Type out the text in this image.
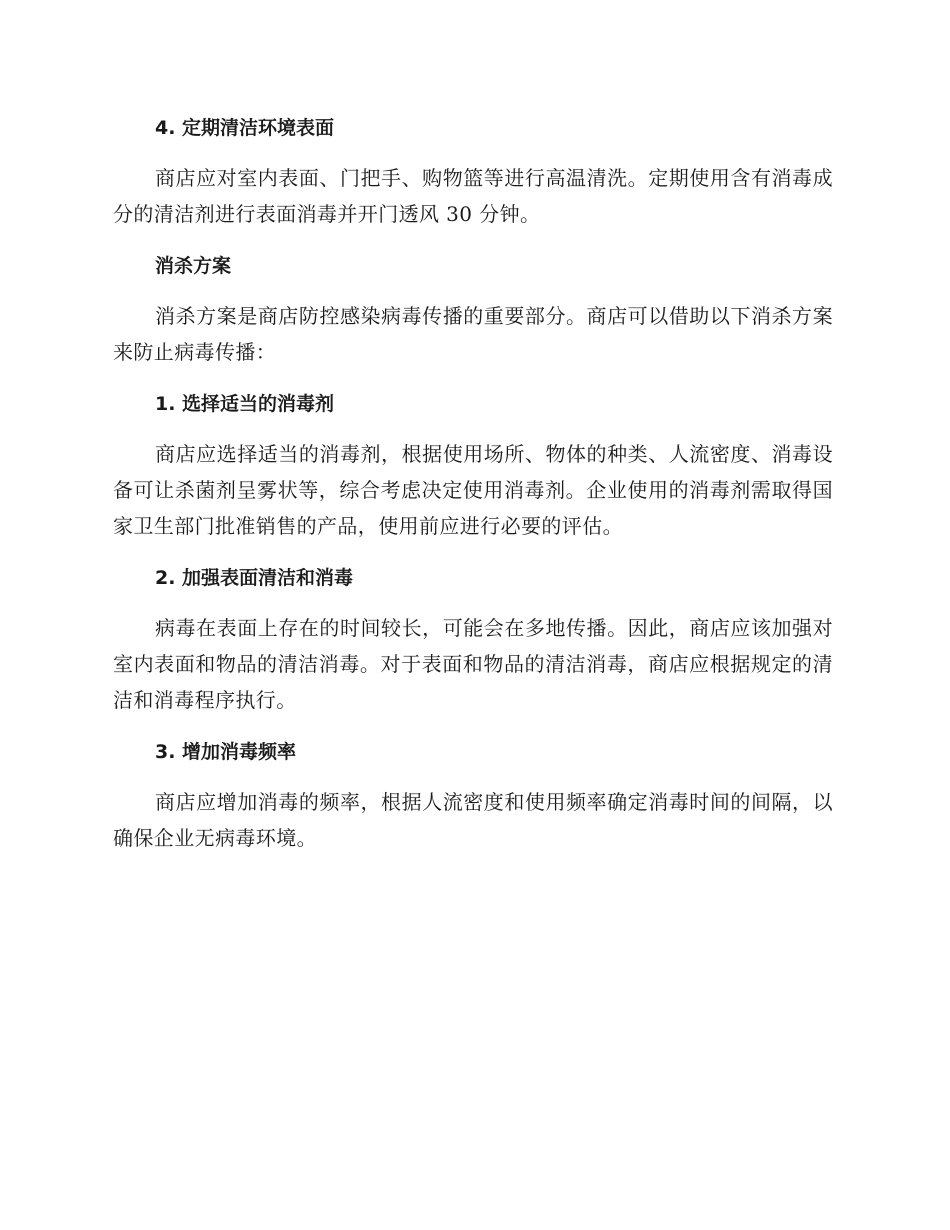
4. 定期清洁环境表面

商店应对室内表面、门把手、购物篮等进行高温清洗。定期使用含有消毒成分的清洁剂进行表面消毒并开门透风 30 分钟。

消杀方案

消杀方案是商店防控感染病毒传播的重要部分。商店可以借助以下消杀方案来防止病毒传播：

1. 选择适当的消毒剂

商店应选择适当的消毒剂，根据使用场所、物体的种类、人流密度、消毒设备可让杀菌剂呈雾状等，综合考虑决定使用消毒剂。企业使用的消毒剂需取得国家卫生部门批准销售的产品，使用前应进行必要的评估。

2. 加强表面清洁和消毒

病毒在表面上存在的时间较长，可能会在多地传播。因此，商店应该加强对室内表面和物品的清洁消毒。对于表面和物品的清洁消毒，商店应根据规定的清洁和消毒程序执行。

3. 增加消毒频率

商店应增加消毒的频率，根据人流密度和使用频率确定消毒时间的间隔，以确保企业无病毒环境。
